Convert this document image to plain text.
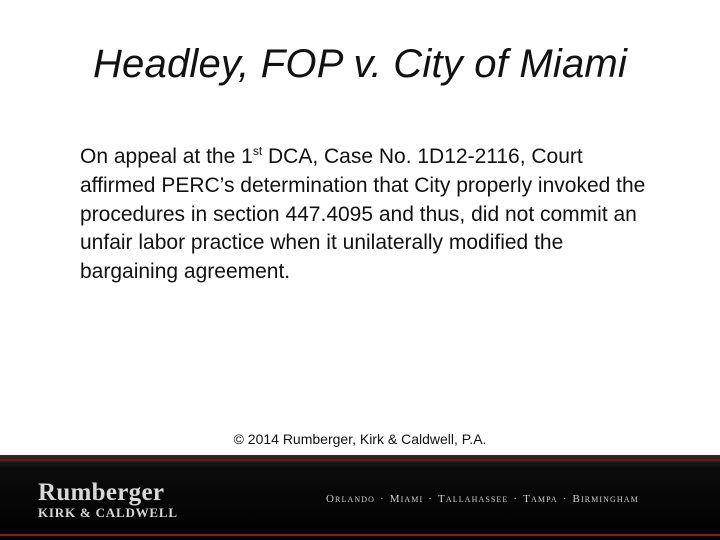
Headley, FOP v. City of Miami
On appeal at the 1st DCA, Case No. 1D12-2116, Court affirmed PERC’s determination that City properly invoked the procedures in section 447.4095 and thus, did not commit an unfair labor practice when it unilaterally modified the bargaining agreement.
© 2014 Rumberger, Kirk & Caldwell, P.A.
Rumberger
KIRK & CALDWELL
Orlando · Miami · Tallahassee · Tampa · Birmingham
